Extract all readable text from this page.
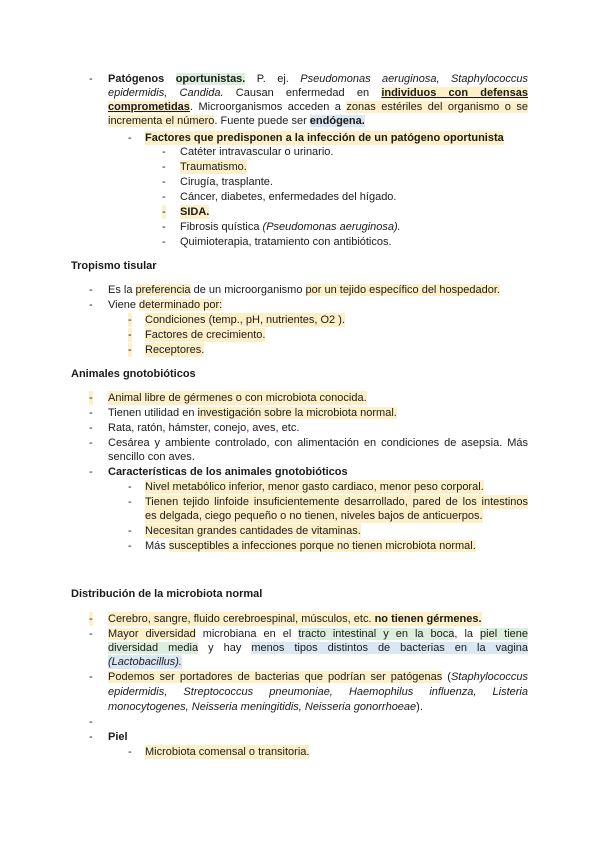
- Patógenos oportunistas. P. ej. Pseudomonas aeruginosa, Staphylococcus
epidermidis, Candida. Causan enfermedad en individuos con defensas
comprometidas. Microorganismos acceden a zonas estériles del organismo o se
incrementa el número. Fuente puede ser endógena.
- Factores que predisponen a la infección de un patógeno oportunista
- Catéter intravascular o urinario.
- Traumatismo.
- Cirugía, trasplante.
- Cáncer, diabetes, enfermedades del hígado.
- SIDA.
- Fibrosis quística (Pseudomonas aeruginosa).
- Quimioterapia, tratamiento con antibióticos.
Tropismo tisular
- Es la preferencia de un microorganismo por un tejido específico del hospedador.
- Viene determinado por:
- Condiciones (temp., pH, nutrientes, O2 ).
- Factores de crecimiento.
- Receptores.
Animales gnotobióticos
- Animal libre de gérmenes o con microbiota conocida.
- Tienen utilidad en investigación sobre la microbiota normal.
- Rata, ratón, hámster, conejo, aves, etc.
- Cesárea y ambiente controlado, con alimentación en condiciones de asepsia. Más
sencillo con aves.
- Características de los animales gnotobióticos
- Nivel metabólico inferior, menor gasto cardiaco, menor peso corporal.
- Tienen tejido linfoide insuficientemente desarrollado, pared de los intestinos
es delgada, ciego pequeño o no tienen, niveles bajos de anticuerpos.
- Necesitan grandes cantidades de vitaminas.
- Más susceptibles a infecciones porque no tienen microbiota normal.
Distribución de la microbiota normal
- Cerebro, sangre, fluido cerebroespinal, músculos, etc. no tienen gérmenes.
- Mayor diversidad microbiana en el tracto intestinal y en la boca, la piel tiene
diversidad media y hay menos tipos distintos de bacterias en la vagina
(Lactobacillus).
- Podemos ser portadores de bacterias que podrían ser patógenas (Staphylococcus
epidermidis, Streptococcus pneumoniae, Haemophilus influenza, Listeria
monocytogenes, Neisseria meningitidis, Neisseria gonorrhoeae).
-
- Piel
- Microbiota comensal o transitoria.
